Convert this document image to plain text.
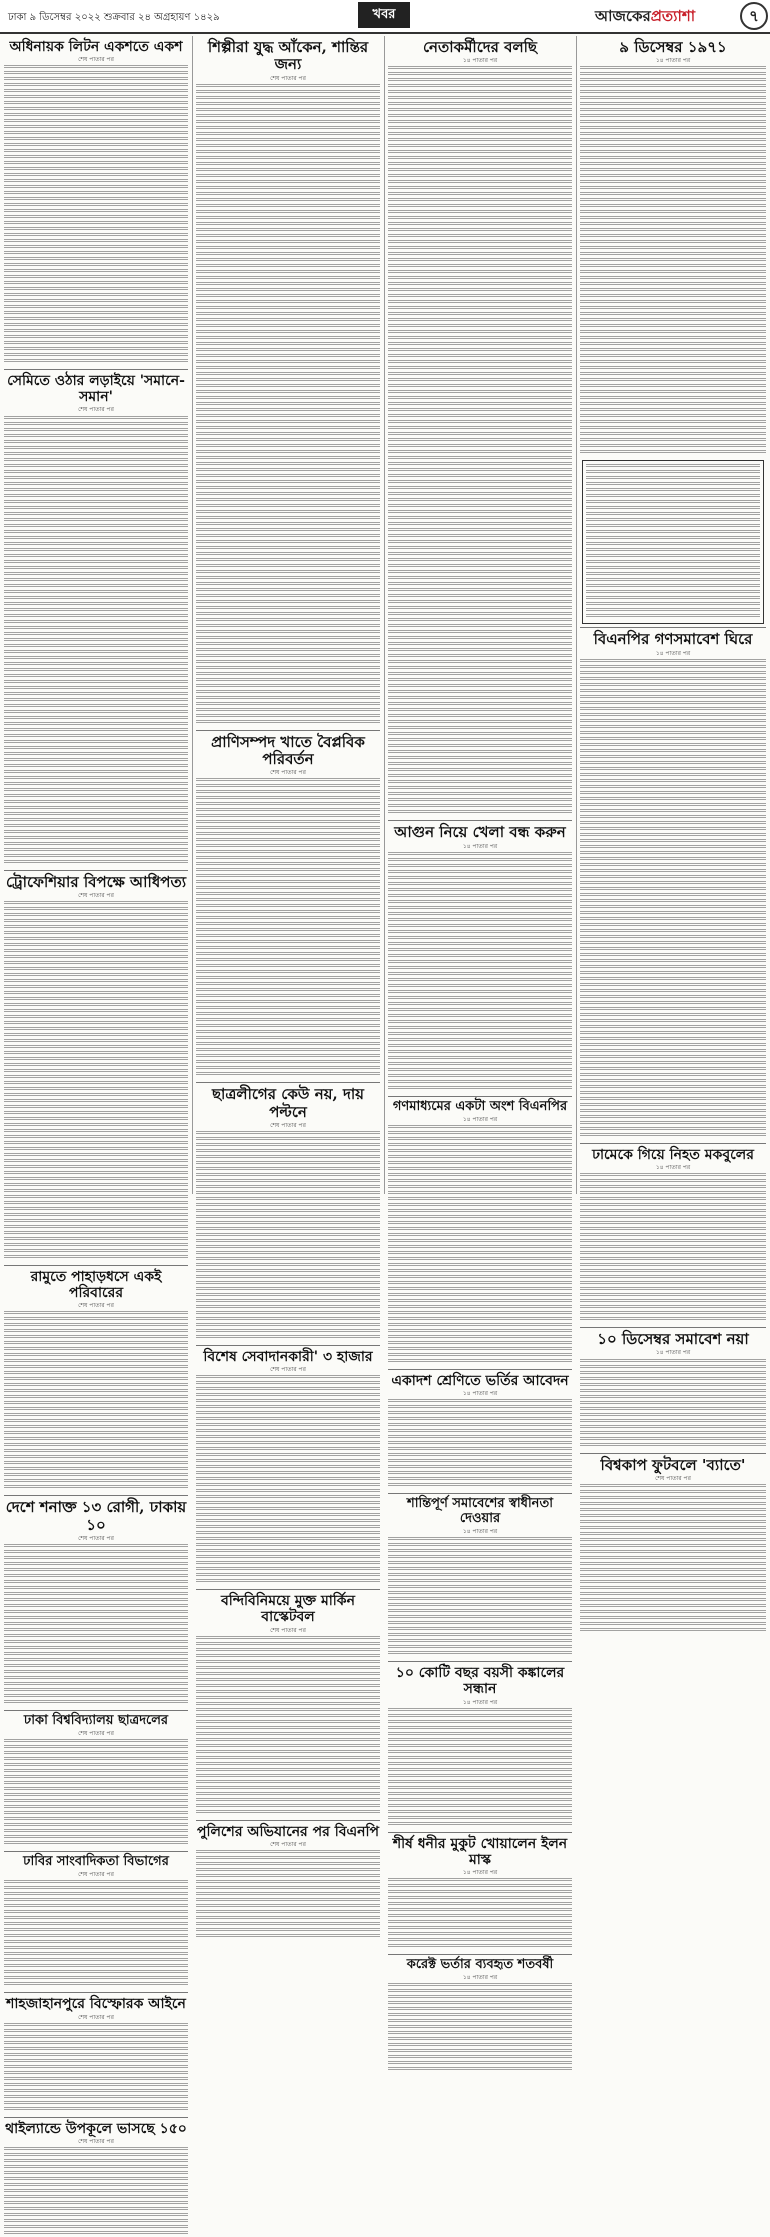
ঢাকা ৯ ডিসেম্বর ২০২২ শুক্রবার ২৪ অগ্রহায়ণ ১৪২৯	খবর	আজকেরপ্রত্যাশা	৭
অধিনায়ক লিটন একশতে একশ
শেষ পাতার পর
সেমিতে ওঠার লড়াইয়ে 'সমানে-সমান'
শেষ পাতার পর
ট্রোফেশিয়ার বিপক্ষে আধিপত্য
শেষ পাতার পর
রামুতে পাহাড়ধসে একই পরিবারের
শেষ পাতার পর
দেশে শনাক্ত ১৩ রোগী, ঢাকায় ১০
শেষ পাতার পর
ঢাকা বিশ্ববিদ্যালয় ছাত্রদলের
শেষ পাতার পর
ঢাবির সাংবাদিকতা বিভাগের
শেষ পাতার পর
শাহজাহানপুরে বিস্ফোরক আইনে
শেষ পাতার পর
থাইল্যান্ডে উপকূলে ভাসছে ১৫০
শেষ পাতার পর
শিল্পীরা যুদ্ধ আঁকেন, শান্তির জন্য
শেষ পাতার পর
প্রাণিসম্পদ খাতে বৈপ্লবিক পরিবর্তন
শেষ পাতার পর
ছাত্রলীগের কেউ নয়, দায় পল্টনে
শেষ পাতার পর
বিশেষ সেবাদানকারী' ৩ হাজার
শেষ পাতার পর
বন্দিবিনিময়ে মুক্ত মার্কিন বাস্কেটবল
শেষ পাতার পর
পুলিশের অভিযানের পর বিএনপি
শেষ পাতার পর
নেতাকর্মীদের বলছি
১৪ পাতার পর
আগুন নিয়ে খেলা বন্ধ করুন
১৪ পাতার পর
গণমাধ্যমের একটা অংশ বিএনপির
১৪ পাতার পর
একাদশ শ্রেণিতে ভর্তির আবেদন
১৪ পাতার পর
শান্তিপূর্ণ সমাবেশের স্বাধীনতা দেওয়ার
১৪ পাতার পর
১০ কোটি বছর বয়সী কঙ্কালের সন্ধান
১৪ পাতার পর
শীর্ষ ধনীর মুকুট খোয়ালেন ইলন মাস্ক
১৪ পাতার পর
করেক্ট ভর্তার ব্যবহৃত শতবর্ষী
১৪ পাতার পর
৯ ডিসেম্বর ১৯৭১
১৪ পাতার পর
বিএনপির গণসমাবেশ ঘিরে
১৪ পাতার পর
ঢামেকে গিয়ে নিহত মকবুলের
১৪ পাতার পর
১০ ডিসেম্বর সমাবেশ নয়া
১৪ পাতার পর
বিশ্বকাপ ফুটবলে 'ব্যাতে'
শেষ পাতার পর
